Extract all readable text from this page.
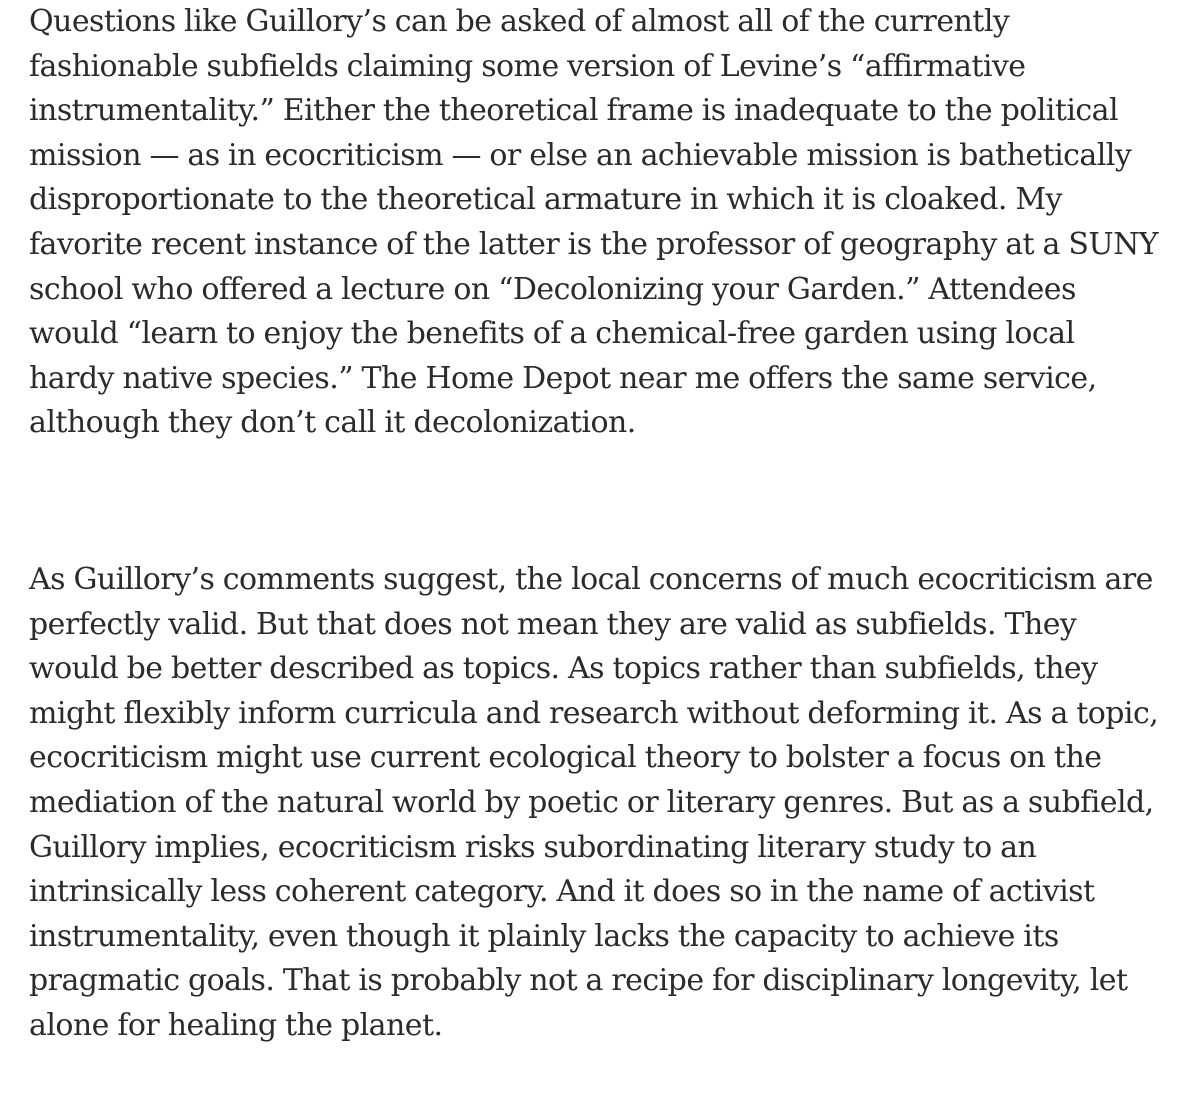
Questions like Guillory’s can be asked of almost all of the currently fashionable subfields claiming some version of Levine’s “affirmative instrumentality.” Either the theoretical frame is inadequate to the political mission — as in ecocriticism — or else an achievable mission is bathetically disproportionate to the theoretical armature in which it is cloaked. My favorite recent instance of the latter is the professor of geography at a SUNY school who offered a lecture on “Decolonizing your Garden.” Attendees would “learn to enjoy the benefits of a chemical-free garden using local hardy native species.” The Home Depot near me offers the same service, although they don’t call it decolonization.

As Guillory’s comments suggest, the local concerns of much ecocriticism are perfectly valid. But that does not mean they are valid as subfields. They would be better described as topics. As topics rather than subfields, they might flexibly inform curricula and research without deforming it. As a topic, ecocriticism might use current ecological theory to bolster a focus on the mediation of the natural world by poetic or literary genres. But as a subfield, Guillory implies, ecocriticism risks subordinating literary study to an intrinsically less coherent category. And it does so in the name of activist instrumentality, even though it plainly lacks the capacity to achieve its pragmatic goals. That is probably not a recipe for disciplinary longevity, let alone for healing the planet.
